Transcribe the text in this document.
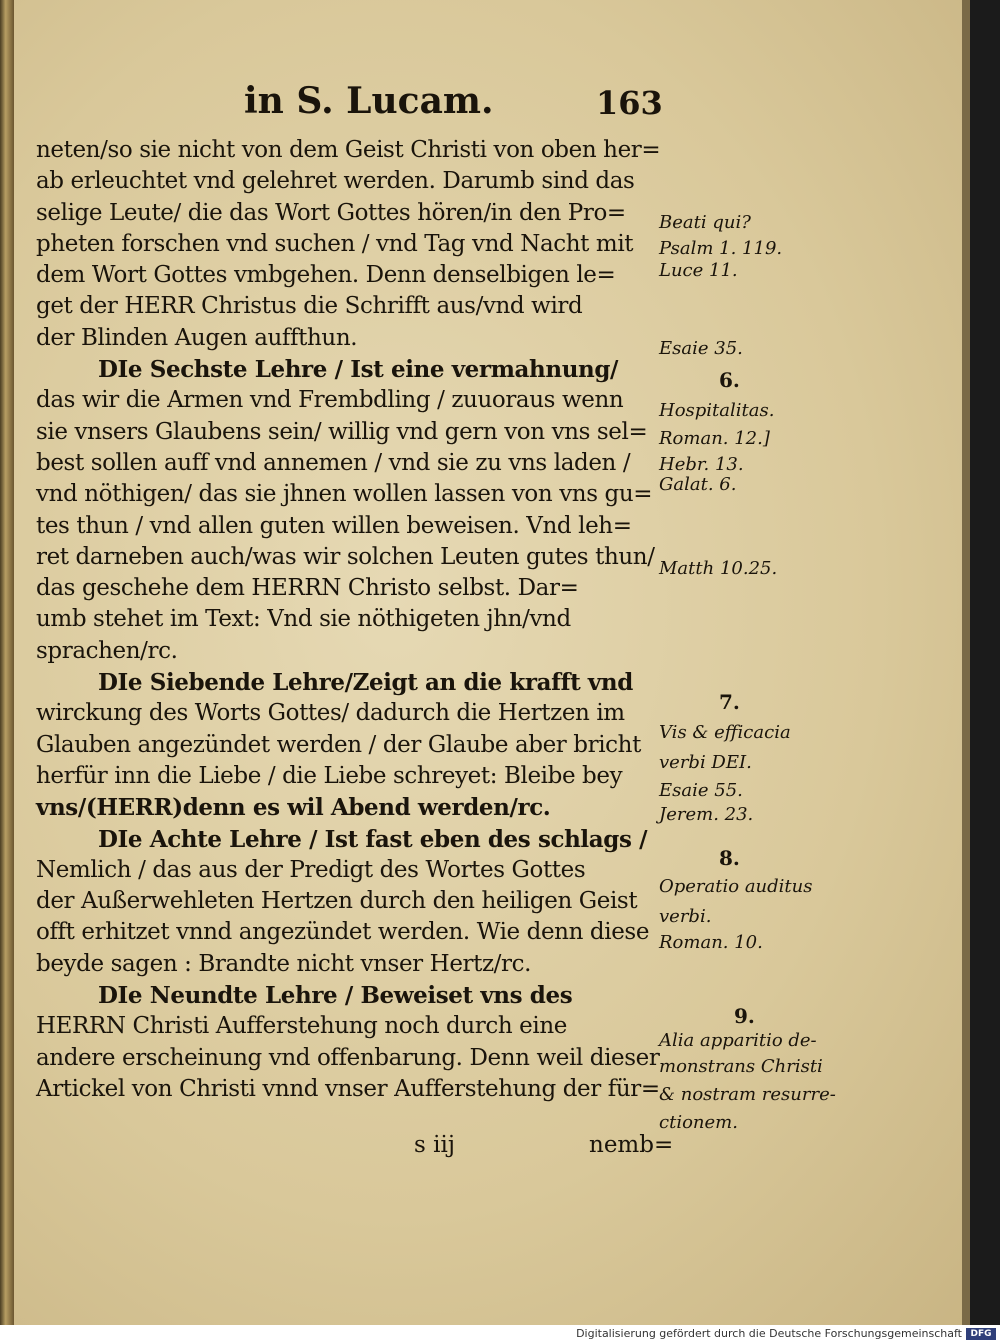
in S. Lucam.	163
neten/so sie nicht von dem Geist Christi von oben her=
ab erleuchtet vnd gelehret werden. Darumb sind das
selige Leute/ die das Wort Gottes hören/in den Pro=
pheten forschen vnd suchen / vnd Tag vnd Nacht mit
dem Wort Gottes vmbgehen. Denn denselbigen le=
get der HERR Christus die Schrifft aus/vnd wird
der Blinden Augen auffthun.
DIe Sechste Lehre / Ist eine vermahnung/
das wir die Armen vnd Frembdling / zuuoraus wenn
sie vnsers Glaubens sein/ willig vnd gern von vns sel=
best sollen auff vnd annemen / vnd sie zu vns laden /
vnd nöthigen/ das sie jhnen wollen lassen von vns gu=
tes thun / vnd allen guten willen beweisen. Vnd leh=
ret darneben auch/was wir solchen Leuten gutes thun/
das geschehe dem HERRN Christo selbst. Dar=
umb stehet im Text: Vnd sie nöthigeten jhn/vnd
sprachen/rc.
DIe Siebende Lehre/Zeigt an die krafft vnd
wirckung des Worts Gottes/ dadurch die Hertzen im
Glauben angezündet werden / der Glaube aber bricht
herfür inn die Liebe / die Liebe schreyet: Bleibe bey
vns/(HERR)denn es wil Abend werden/rc.
DIe Achte Lehre / Ist fast eben des schlags /
Nemlich / das aus der Predigt des Wortes Gottes
der Außerwehleten Hertzen durch den heiligen Geist
offt erhitzet vnnd angezündet werden. Wie denn diese
beyde sagen : Brandte nicht vnser Hertz/rc.
DIe Neundte Lehre / Beweiset vns des
HERRN Christi Aufferstehung noch durch eine
andere erscheinung vnd offenbarung. Denn weil dieser
Artickel von Christi vnnd vnser Aufferstehung der für=
Beati qui?
Psalm 1. 119.
Luce 11.
Esaie 35.
6.
Hospitalitas.
Roman. 12.]
Hebr. 13.
Galat. 6.
Matth 10.25.
7.
Vis & efficacia
verbi DEI.
Esaie 55.
Jerem. 23.
8.
Operatio auditus
verbi.
Roman. 10.
9.
Alia apparitio de-
monstrans Christi
& nostram resurre-
ctionem.
s iij	nemb=
Digitalisierung gefördert durch die Deutsche Forschungsgemeinschaft DFG
